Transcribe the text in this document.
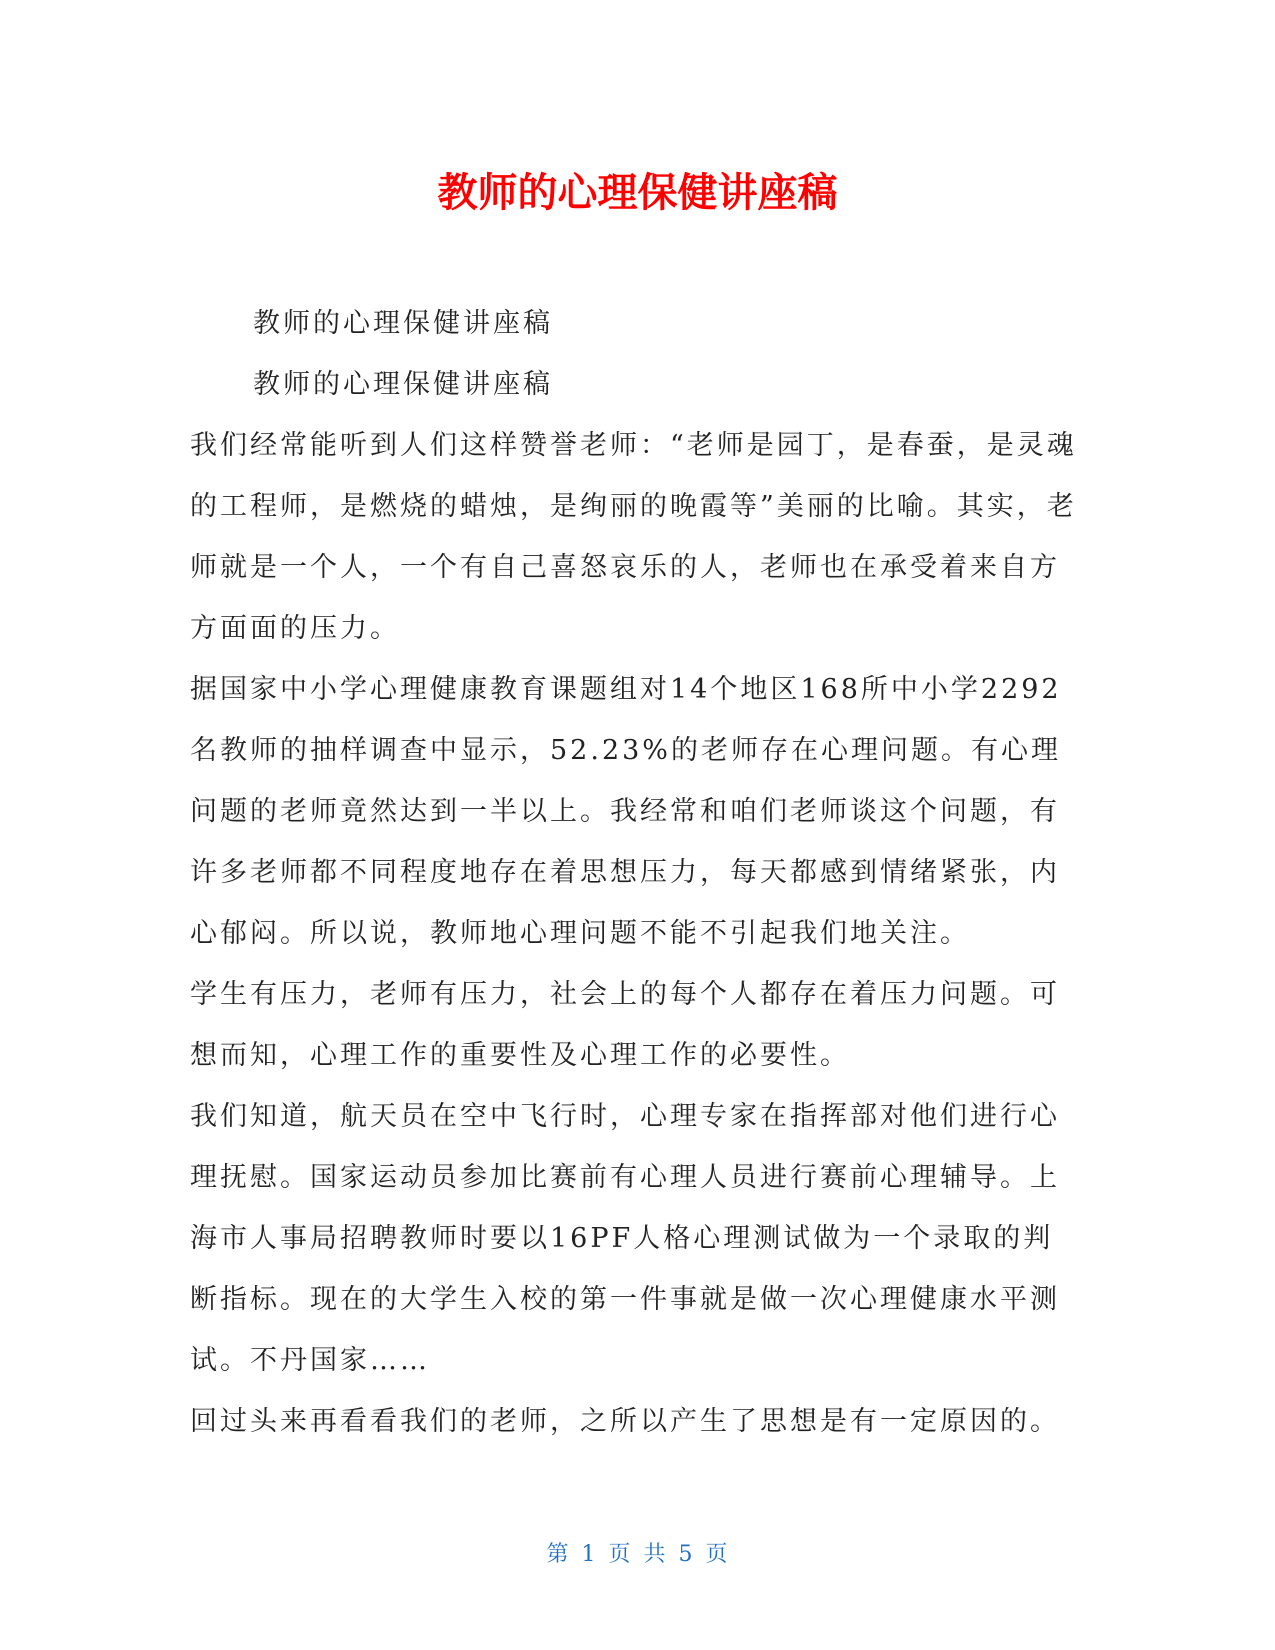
教师的心理保健讲座稿

教师的心理保健讲座稿

教师的心理保健讲座稿

我们经常能听到人们这样赞誉老师：“老师是园丁，是春蚕，是灵魂的工程师，是燃烧的蜡烛，是绚丽的晚霞等”美丽的比喻。其实，老师就是一个人，一个有自己喜怒哀乐的人，老师也在承受着来自方方面面的压力。

据国家中小学心理健康教育课题组对14个地区168所中小学2292名教师的抽样调查中显示，52.23%的老师存在心理问题。有心理问题的老师竟然达到一半以上。我经常和咱们老师谈这个问题，有许多老师都不同程度地存在着思想压力，每天都感到情绪紧张，内心郁闷。所以说，教师地心理问题不能不引起我们地关注。

学生有压力，老师有压力，社会上的每个人都存在着压力问题。可想而知，心理工作的重要性及心理工作的必要性。

我们知道，航天员在空中飞行时，心理专家在指挥部对他们进行心理抚慰。国家运动员参加比赛前有心理人员进行赛前心理辅导。上海市人事局招聘教师时要以16PF人格心理测试做为一个录取的判断指标。现在的大学生入校的第一件事就是做一次心理健康水平测试。不丹国家……

回过头来再看看我们的老师，之所以产生了思想是有一定原因的。

第 1 页 共 5 页
